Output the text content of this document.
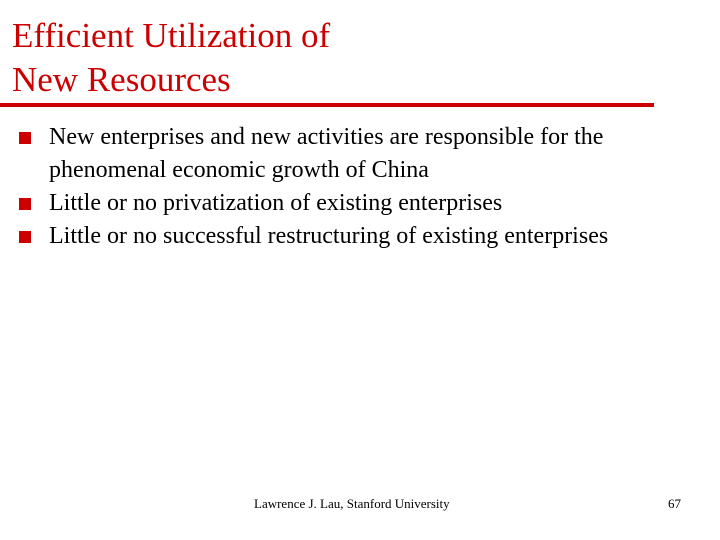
Efficient Utilization of
New Resources
New enterprises and new activities are responsible for the phenomenal economic growth of China
Little or no privatization of existing enterprises
Little or no successful restructuring of existing enterprises
Lawrence J. Lau, Stanford University	67
